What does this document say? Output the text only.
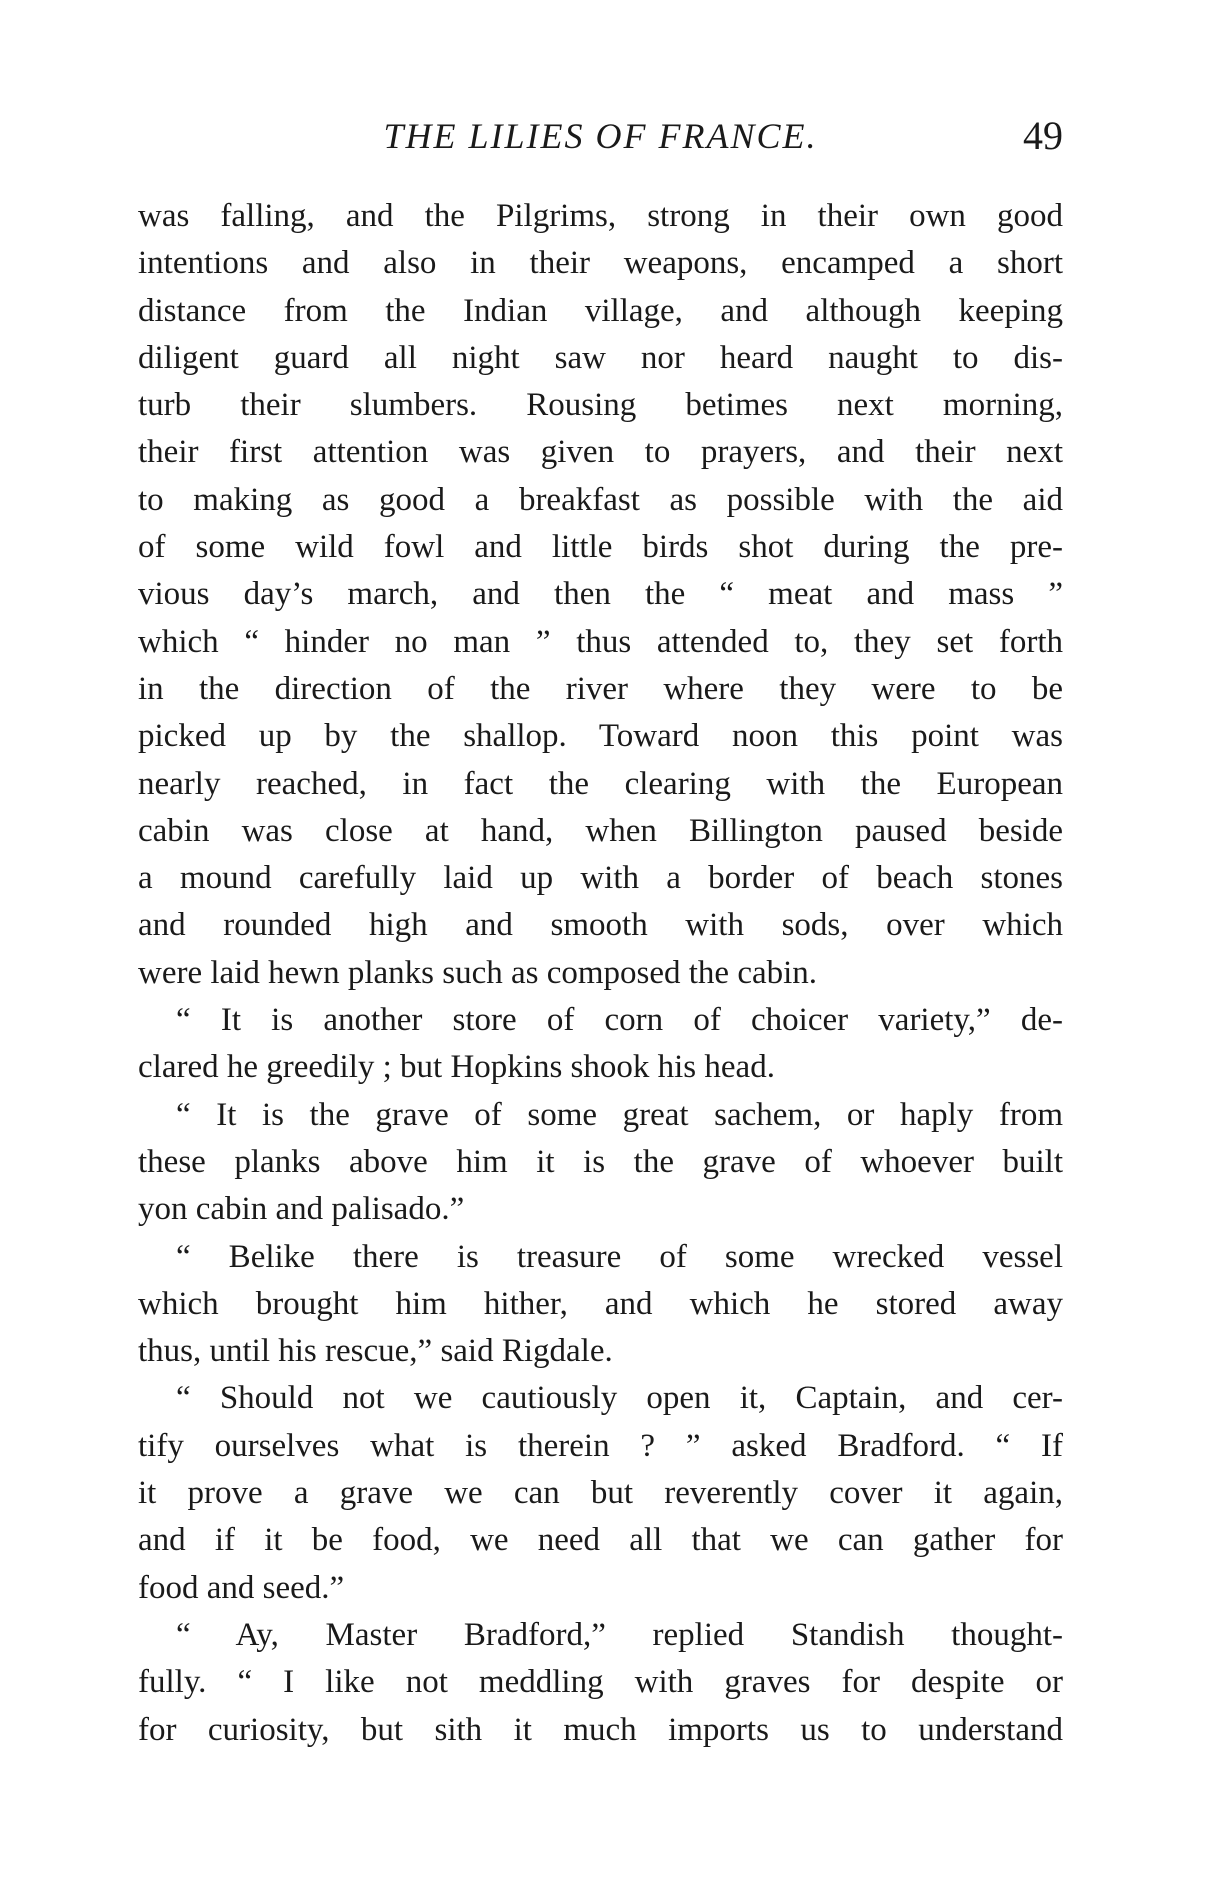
THE LILIES OF FRANCE.	49
was falling, and the Pilgrims, strong in their own good
intentions and also in their weapons, encamped a short
distance from the Indian village, and although keeping
diligent guard all night saw nor heard naught to dis-
turb their slumbers. Rousing betimes next morning,
their first attention was given to prayers, and their next
to making as good a breakfast as possible with the aid
of some wild fowl and little birds shot during the pre-
vious day’s march, and then the “ meat and mass ”
which “ hinder no man ” thus attended to, they set forth
in the direction of the river where they were to be
picked up by the shallop. Toward noon this point was
nearly reached, in fact the clearing with the European
cabin was close at hand, when Billington paused beside
a mound carefully laid up with a border of beach stones
and rounded high and smooth with sods, over which
were laid hewn planks such as composed the cabin.
“ It is another store of corn of choicer variety,” de-
clared he greedily ; but Hopkins shook his head.
“ It is the grave of some great sachem, or haply from
these planks above him it is the grave of whoever built
yon cabin and palisado.”
“ Belike there is treasure of some wrecked vessel
which brought him hither, and which he stored away
thus, until his rescue,” said Rigdale.
“ Should not we cautiously open it, Captain, and cer-
tify ourselves what is therein ? ” asked Bradford. “ If
it prove a grave we can but reverently cover it again,
and if it be food, we need all that we can gather for
food and seed.”
“ Ay, Master Bradford,” replied Standish thought-
fully. “ I like not meddling with graves for despite or
for curiosity, but sith it much imports us to understand
